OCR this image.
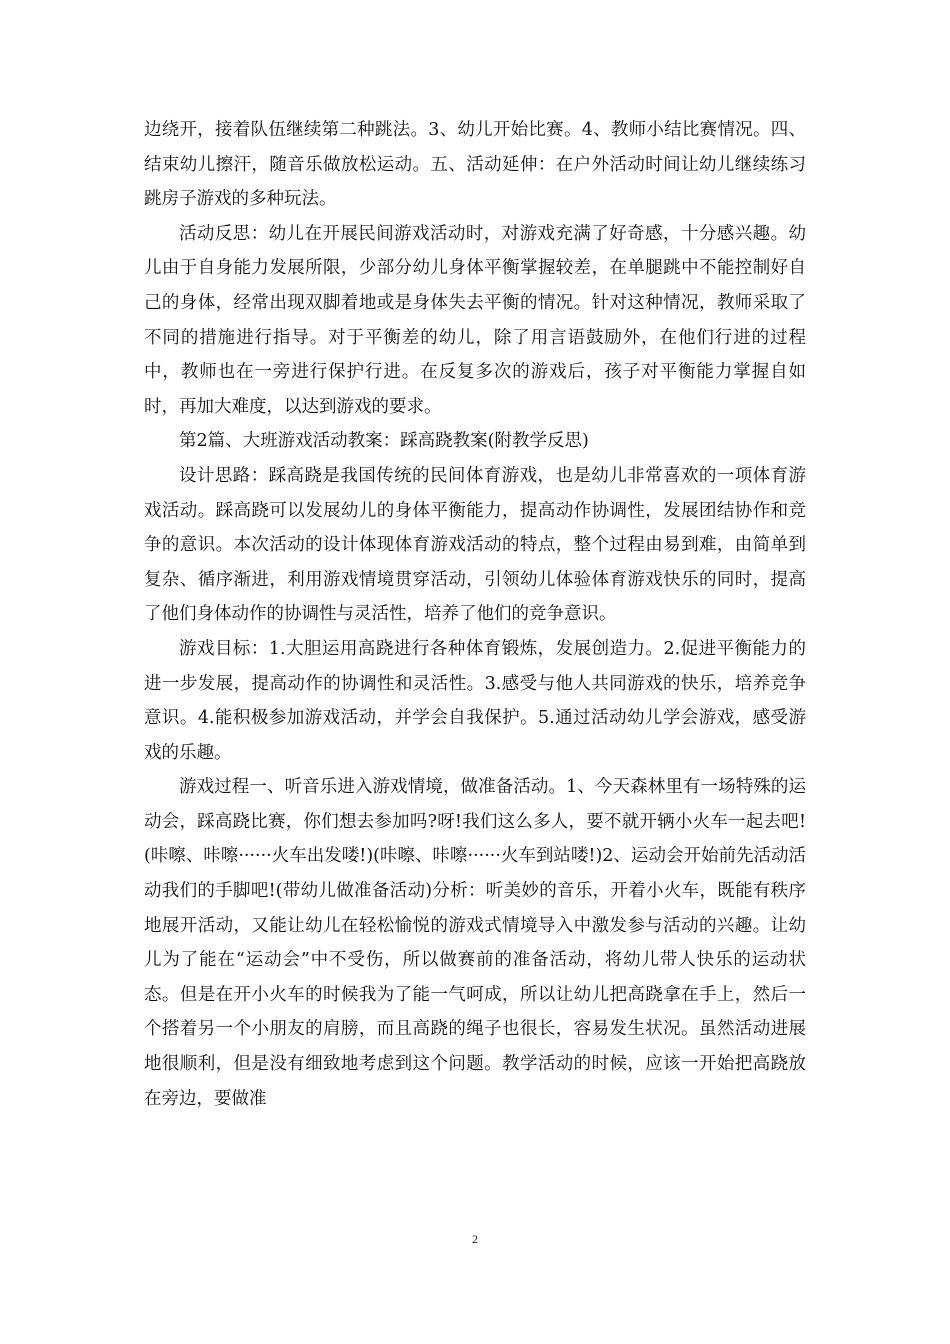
边绕开，接着队伍继续第二种跳法。3、幼儿开始比赛。4、教师小结比赛情况。四、结束幼儿擦汗，随音乐做放松运动。五、活动延伸：在户外活动时间让幼儿继续练习跳房子游戏的多种玩法。

活动反思：幼儿在开展民间游戏活动时，对游戏充满了好奇感，十分感兴趣。幼儿由于自身能力发展所限，少部分幼儿身体平衡掌握较差，在单腿跳中不能控制好自己的身体，经常出现双脚着地或是身体失去平衡的情况。针对这种情况，教师采取了不同的措施进行指导。对于平衡差的幼儿，除了用言语鼓励外，在他们行进的过程中，教师也在一旁进行保护行进。在反复多次的游戏后，孩子对平衡能力掌握自如时，再加大难度，以达到游戏的要求。

第2篇、大班游戏活动教案：踩高跷教案(附教学反思)

设计思路：踩高跷是我国传统的民间体育游戏，也是幼儿非常喜欢的一项体育游戏活动。踩高跷可以发展幼儿的身体平衡能力，提高动作协调性，发展团结协作和竞争的意识。本次活动的设计体现体育游戏活动的特点，整个过程由易到难，由简单到复杂、循序渐进，利用游戏情境贯穿活动，引领幼儿体验体育游戏快乐的同时，提高了他们身体动作的协调性与灵活性，培养了他们的竞争意识。

游戏目标：1.大胆运用高跷进行各种体育锻炼，发展创造力。2.促进平衡能力的进一步发展，提高动作的协调性和灵活性。3.感受与他人共同游戏的快乐，培养竞争意识。4.能积极参加游戏活动，并学会自我保护。5.通过活动幼儿学会游戏，感受游戏的乐趣。

游戏过程一、听音乐进入游戏情境，做准备活动。1、今天森林里有一场特殊的运动会，踩高跷比赛，你们想去参加吗?呀!我们这么多人，要不就开辆小火车一起去吧!(咔嚓、咔嚓······火车出发喽!)(咔嚓、咔嚓······火车到站喽!)2、运动会开始前先活动活动我们的手脚吧!(带幼儿做准备活动)分析：听美妙的音乐，开着小火车，既能有秩序地展开活动，又能让幼儿在轻松愉悦的游戏式情境导入中激发参与活动的兴趣。让幼儿为了能在“运动会”中不受伤，所以做赛前的准备活动，将幼儿带人快乐的运动状态。但是在开小火车的时候我为了能一气呵成，所以让幼儿把高跷拿在手上，然后一个搭着另一个小朋友的肩膀，而且高跷的绳子也很长，容易发生状况。虽然活动进展地很顺利，但是没有细致地考虑到这个问题。教学活动的时候，应该一开始把高跷放在旁边，要做准

2
